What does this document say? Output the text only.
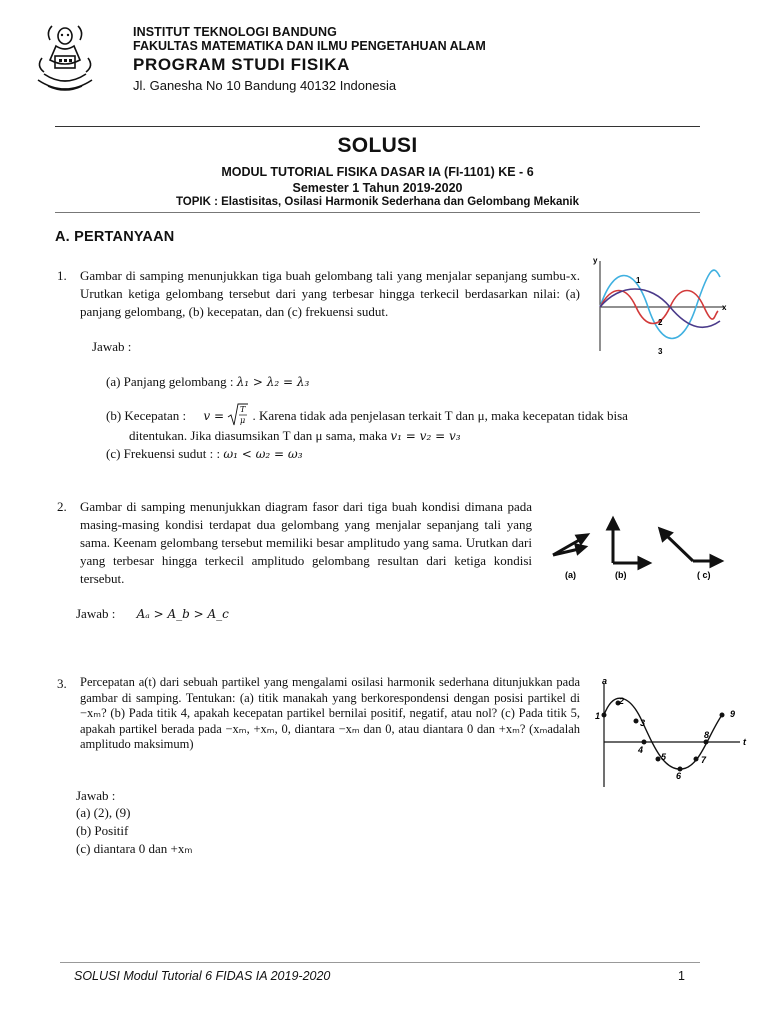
INSTITUT TEKNOLOGI BANDUNG
FAKULTAS MATEMATIKA DAN ILMU PENGETAHUAN ALAM
PROGRAM STUDI FISIKA
Jl. Ganesha No 10 Bandung 40132 Indonesia
SOLUSI
MODUL TUTORIAL FISIKA DASAR IA (FI-1101) KE - 6
Semester 1 Tahun 2019-2020
TOPIK : Elastisitas, Osilasi Harmonik Sederhana dan Gelombang Mekanik
A. PERTANYAAN
1. Gambar di samping menunjukkan tiga buah gelombang tali yang menjalar sepanjang sumbu-x. Urutkan ketiga gelombang tersebut dari yang terbesar hingga terkecil berdasarkan nilai: (a) panjang gelombang, (b) kecepatan, dan (c) frekuensi sudut.
y
x
1
2
3
Jawab :
(a) Panjang gelombang : λ₁ > λ₂ = λ₃
(b) Kecepatan : v = T
μ . Karena tidak ada penjelasan terkait T dan μ, maka kecepatan tidak bisa
ditentukan. Jika diasumsikan T dan μ sama, maka v₁ = v₂ = v₃
(c) Frekuensi sudut : : ω₁ < ω₂ = ω₃
2. Gambar di samping menunjukkan diagram fasor dari tiga buah kondisi dimana pada masing-masing kondisi terdapat dua gelombang yang menjalar sepanjang tali yang sama. Keenam gelombang tersebut memiliki besar amplitudo yang sama. Urutkan dari yang terbesar hingga terkecil amplitudo gelombang resultan dari ketiga kondisi tersebut.	(a)	(b)	( c)
Jawab : Aₐ > A_b > A_c
3. Percepatan a(t) dari sebuah partikel yang mengalami osilasi harmonik sederhana ditunjukkan pada gambar di samping. Tentukan: (a) titik manakah yang berkorespondensi dengan posisi partikel di −xₘ? (b) Pada titik 4, apakah kecepatan partikel bernilai positif, negatif, atau nol? (c) Pada titik 5, apakah partikel berada pada −xₘ, +xₘ, 0, diantara −xₘ dan 0, atau diantara 0 dan +xₘ? (xₘadalah amplitudo maksimum)
a
t
1
2
3
4
5
6
7
8
9
Jawab :
(a) (2), (9)
(b) Positif
(c) diantara 0 dan +xₘ
SOLUSI Modul Tutorial 6 FIDAS IA 2019-2020	1
